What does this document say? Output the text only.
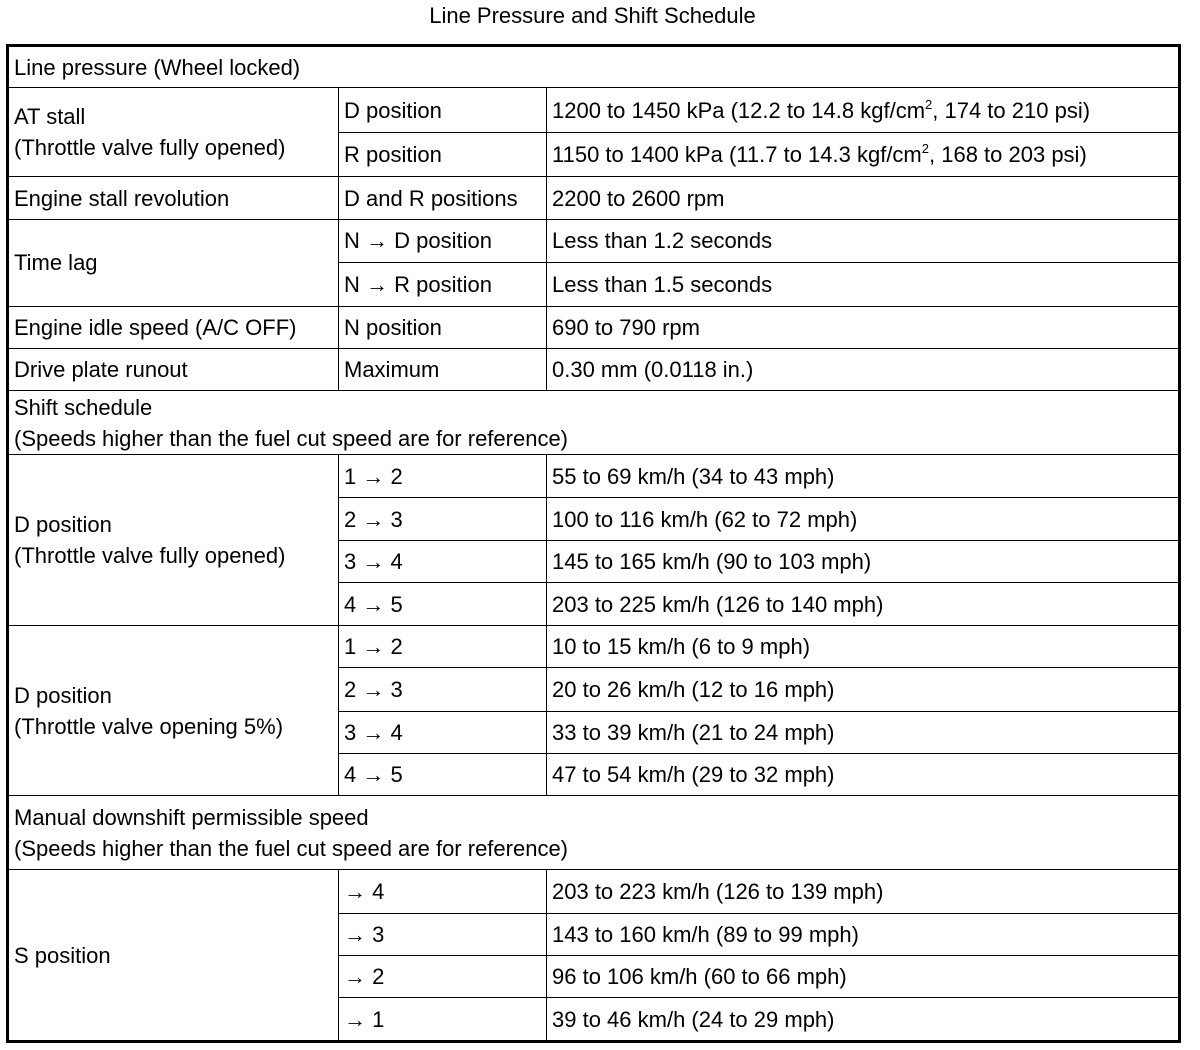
Line Pressure and Shift Schedule
Line pressure (Wheel locked)		

AT stall
(Throttle valve fully opened)	D position	1200 to 1450 kPa (12.2 to 14.8 kgf/$cm^2$, 174 to 210 psi)
	R position	1150 to 1400 kPa (11.7 to 14.3 kgf/$cm^2$, 168 to 203 psi)
Engine stall revolution	D and R positions	2200 to 2600 rpm
Time lag	N → D position	Less than 1.2 seconds
	N → R position	Less than 1.5 seconds
Engine idle speed (A/C OFF)	N position	690 to 790 rpm
Drive plate runout	Maximum	0.30 mm (0.0118 in.)

Shift schedule
(Speeds higher than the fuel cut speed are for reference)		

D position
(Throttle valve fully opened)	1 → 2	55 to 69 km/h (34 to 43 mph)
	2 → 3	100 to 116 km/h (62 to 72 mph)
	3 → 4	145 to 165 km/h (90 to 103 mph)
	4 → 5	203 to 225 km/h (126 to 140 mph)

D position
(Throttle valve opening 5%)	1 → 2	10 to 15 km/h (6 to 9 mph)
	2 → 3	20 to 26 km/h (12 to 16 mph)
	3 → 4	33 to 39 km/h (21 to 24 mph)
	4 → 5	47 to 54 km/h (29 to 32 mph)

Manual downshift permissible speed
(Speeds higher than the fuel cut speed are for reference)		

S position	→ 4	203 to 223 km/h (126 to 139 mph)
	→ 3	143 to 160 km/h (89 to 99 mph)
	→ 2	96 to 106 km/h (60 to 66 mph)
	→ 1	39 to 46 km/h (24 to 29 mph)
